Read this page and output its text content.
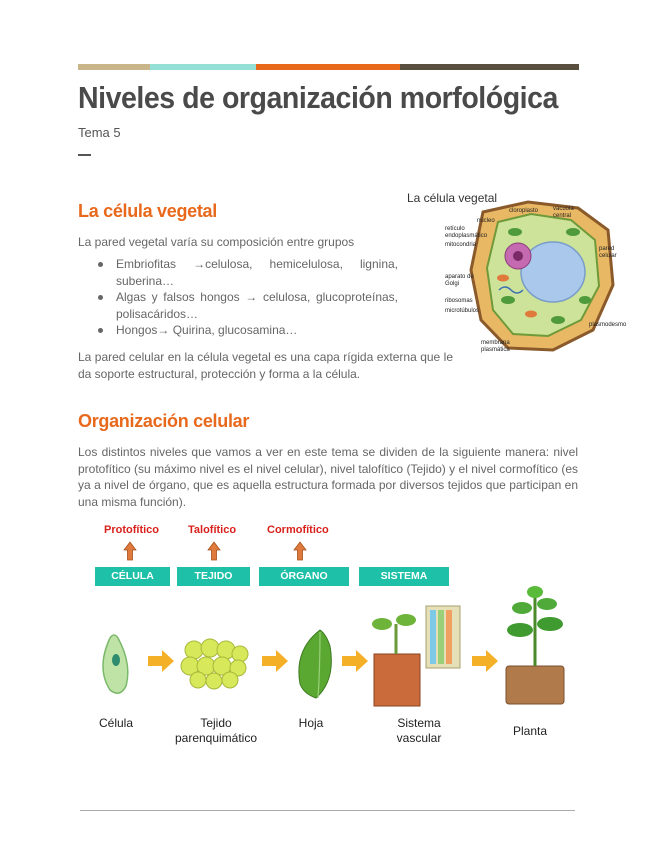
Niveles de organización morfológica
Tema 5
La célula vegetal
La pared vegetal varía su composición entre grupos
Embriofitas →celulosa, hemicelulosa, lignina, suberina…
Algas y falsos hongos → celulosa, glucoproteínas, polisacáridos…
Hongos→ Quirina, glucosamina…
La pared celular en la célula vegetal es una capa rígida externa que le da soporte estructural, protección y forma a la célula.
La célula vegetal
cloroplasto vacuola central
núcleo
retículo endoplasmático
mitocondria
pared celular
aparato de Golgi
ribosomas
microtúbulos
plasmodesmo
membrana plasmática
Organización celular
Los distintos niveles que vamos a ver en este tema se dividen de la siguiente manera: nivel protofítico (su máximo nivel es el nivel celular), nivel talofítico (Tejido) y el nivel cormofítico (es ya a nivel de órgano, que es aquella estructura formada por diversos tejidos que participan en una misma función).
Protofítico	Talofítico	Cormofítico
CÉLULA	TEJIDO	ÓRGANO	SISTEMA
Célula	Tejido parenquimático
Hoja	Sistema vascular	Planta
